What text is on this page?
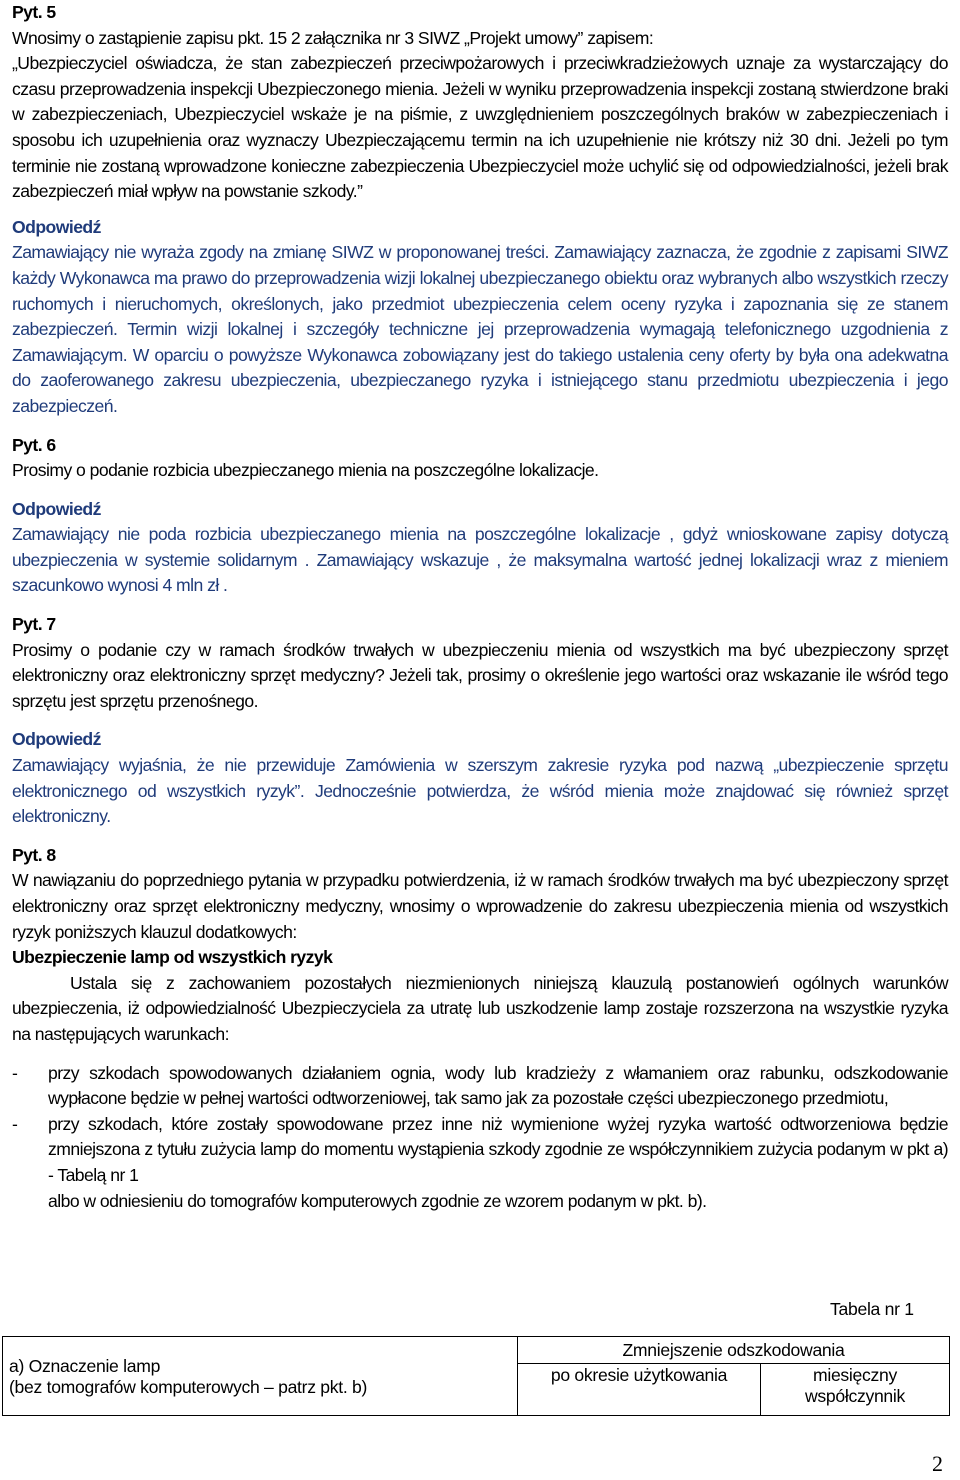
Pyt. 5

Wnosimy o zastąpienie zapisu pkt. 15 2 załącznika nr 3 SIWZ „Projekt umowy” zapisem:

„Ubezpieczyciel oświadcza, że stan zabezpieczeń przeciwpożarowych i przeciwkradzieżowych uznaje za wystarczający do czasu przeprowadzenia inspekcji Ubezpieczonego mienia. Jeżeli w wyniku przeprowadzenia inspekcji zostaną stwierdzone braki w zabezpieczeniach, Ubezpieczyciel wskaże je na piśmie, z uwzględnieniem poszczególnych braków w zabezpieczeniach i sposobu ich uzupełnienia oraz wyznaczy Ubezpieczającemu termin na ich uzupełnienie nie krótszy niż 30 dni. Jeżeli po tym terminie nie zostaną wprowadzone konieczne zabezpieczenia Ubezpieczyciel może uchylić się od odpowiedzialności, jeżeli brak zabezpieczeń miał wpływ na powstanie szkody.”

Odpowiedź

Zamawiający nie wyraża zgody na zmianę SIWZ w proponowanej treści. Zamawiający zaznacza, że zgodnie z zapisami SIWZ każdy Wykonawca ma prawo do przeprowadzenia wizji lokalnej ubezpieczanego obiektu oraz wybranych albo wszystkich rzeczy ruchomych i nieruchomych, określonych, jako przedmiot ubezpieczenia celem oceny ryzyka i zapoznania się ze stanem zabezpieczeń. Termin wizji lokalnej i szczegóły techniczne jej przeprowadzenia wymagają telefonicznego uzgodnienia z Zamawiającym. W oparciu o powyższe Wykonawca zobowiązany jest do takiego ustalenia ceny oferty by była ona adekwatna do zaoferowanego zakresu ubezpieczenia, ubezpieczanego ryzyka i istniejącego stanu przedmiotu ubezpieczenia i jego zabezpieczeń.

Pyt. 6

Prosimy o podanie rozbicia ubezpieczanego mienia na poszczególne lokalizacje.

Odpowiedź

Zamawiający nie poda rozbicia ubezpieczanego mienia na poszczególne lokalizacje , gdyż wnioskowane zapisy dotyczą ubezpieczenia w systemie solidarnym . Zamawiający wskazuje , że maksymalna wartość jednej lokalizacji wraz z mieniem szacunkowo wynosi 4 mln zł .

Pyt. 7

Prosimy o podanie czy w ramach środków trwałych w ubezpieczeniu mienia od wszystkich ma być ubezpieczony sprzęt elektroniczny oraz elektroniczny sprzęt medyczny? Jeżeli tak, prosimy o określenie jego wartości oraz wskazanie ile wśród tego sprzętu jest sprzętu przenośnego.

Odpowiedź

Zamawiający wyjaśnia, że nie przewiduje Zamówienia w szerszym zakresie ryzyka pod nazwą „ubezpieczenie sprzętu elektronicznego od wszystkich ryzyk”. Jednocześnie potwierdza, że wśród mienia może znajdować się również sprzęt elektroniczny.

Pyt. 8

W nawiązaniu do poprzedniego pytania w przypadku potwierdzenia, iż w ramach środków trwałych ma być ubezpieczony sprzęt elektroniczny oraz sprzęt elektroniczny medyczny, wnosimy o wprowadzenie do zakresu ubezpieczenia mienia od wszystkich ryzyk poniższych klauzul dodatkowych:

Ubezpieczenie lamp od wszystkich ryzyk

Ustala się z zachowaniem pozostałych niezmienionych niniejszą klauzulą postanowień ogólnych warunków ubezpieczenia, iż odpowiedzialność Ubezpieczyciela za utratę lub uszkodzenie lamp zostaje rozszerzona na wszystkie ryzyka na następujących warunkach:

- przy szkodach spowodowanych działaniem ognia, wody lub kradzieży z włamaniem oraz rabunku, odszkodowanie wypłacone będzie w pełnej wartości odtworzeniowej, tak samo jak za pozostałe części ubezpieczonego przedmiotu,

- przy szkodach, które zostały spowodowane przez inne niż wymienione wyżej ryzyka wartość odtworzeniowa będzie zmniejszona z tytułu zużycia lamp do momentu wystąpienia szkody zgodnie ze współczynnikiem zużycia podanym w pkt a) - Tabelą nr 1

albo w odniesieniu do tomografów komputerowych zgodnie ze wzorem podanym w pkt. b).

Tabela nr 1
a) Oznaczenie lamp
(bez tomografów komputerowych – patrz pkt. b)	Zmniejszenie odszkodowania	
	po okresie użytkowania	miesięczny
współczynnik
2
